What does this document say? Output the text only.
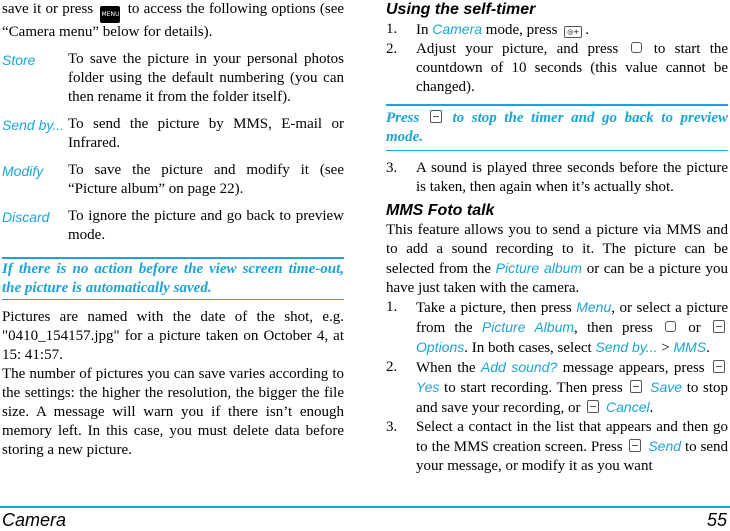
save it or press MENU to access the following options (see “Camera menu” below for details).
Store	To save the picture in your personal photos folder using the default numbering (you can then rename it from the folder itself).
Send by... To send the picture by MMS, E-mail or Infrared.
Modify	To save the picture and modify it (see “Picture album” on page 22).
Discard	To ignore the picture and go back to preview mode.
If there is no action before the view screen time-out, the picture is automatically saved.
Pictures are named with the date of the shot, e.g. "0410_154157.jpg" for a picture taken on October 4, at 15: 41:57.
The number of pictures you can save varies according to the settings: the higher the resolution, the bigger the file size. A message will warn you if there isn’t enough memory left. In this case, you must delete data before storing a new picture.
Using the self-timer
1.	In Camera mode, press ◎+ .
2.	Adjust your picture, and press to start the countdown of 10 seconds (this value cannot be changed).
Press to stop the timer and go back to preview mode.
3.	A sound is played three seconds before the picture is taken, then again when it’s actually shot.
MMS Foto talk
This feature allows you to send a picture via MMS and to add a sound recording to it. The picture can be selected from the Picture album or can be a picture you have just taken with the camera.
1.	Take a picture, then press Menu, or select a picture from the Picture Album, then press or  Options. In both cases, select Send by... > MMS.
2.	When the Add sound? message appears, press  Yes to start recording. Then press Save to stop and save your recording, or Cancel.
3.	Select a contact in the list that appears and then go to the MMS creation screen. Press Send to send your message, or modify it as you want
Camera	55
